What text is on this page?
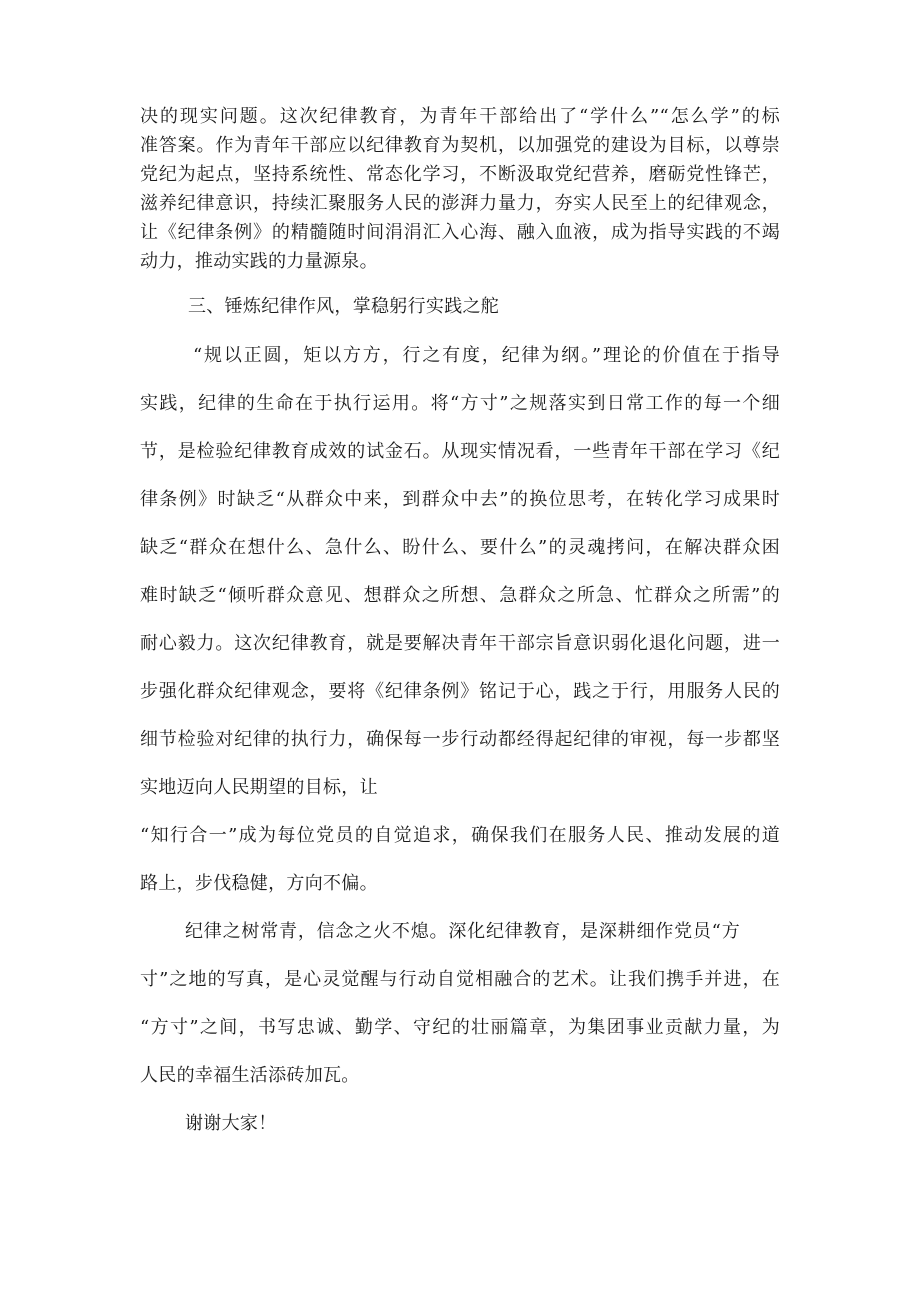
决的现实问题。这次纪律教育，为青年干部给出了“学什么”“怎么学”的标
准答案。作为青年干部应以纪律教育为契机，以加强党的建设为目标，以尊崇
党纪为起点，坚持系统性、常态化学习，不断汲取党纪营养，磨砺党性锋芒，
滋养纪律意识，持续汇聚服务人民的澎湃力量力，夯实人民至上的纪律观念，
让《纪律条例》的精髓随时间涓涓汇入心海、融入血液，成为指导实践的不竭
动力，推动实践的力量源泉。
三、锤炼纪律作风，掌稳躬行实践之舵
“规以正圆，矩以方方，行之有度，纪律为纲。”理论的价值在于指导
实践，纪律的生命在于执行运用。将“方寸”之规落实到日常工作的每一个细
节，是检验纪律教育成效的试金石。从现实情况看，一些青年干部在学习《纪
律条例》时缺乏“从群众中来，到群众中去”的换位思考，在转化学习成果时
缺乏“群众在想什么、急什么、盼什么、要什么”的灵魂拷问，在解决群众困
难时缺乏“倾听群众意见、想群众之所想、急群众之所急、忙群众之所需”的
耐心毅力。这次纪律教育，就是要解决青年干部宗旨意识弱化退化问题，进一
步强化群众纪律观念，要将《纪律条例》铭记于心，践之于行，用服务人民的
细节检验对纪律的执行力，确保每一步行动都经得起纪律的审视，每一步都坚
实地迈向人民期望的目标，让
“知行合一”成为每位党员的自觉追求，确保我们在服务人民、推动发展的道
路上，步伐稳健，方向不偏。
纪律之树常青，信念之火不熄。深化纪律教育，是深耕细作党员“方
寸”之地的写真，是心灵觉醒与行动自觉相融合的艺术。让我们携手并进，在
“方寸”之间，书写忠诚、勤学、守纪的壮丽篇章，为集团事业贡献力量，为
人民的幸福生活添砖加瓦。
谢谢大家！
